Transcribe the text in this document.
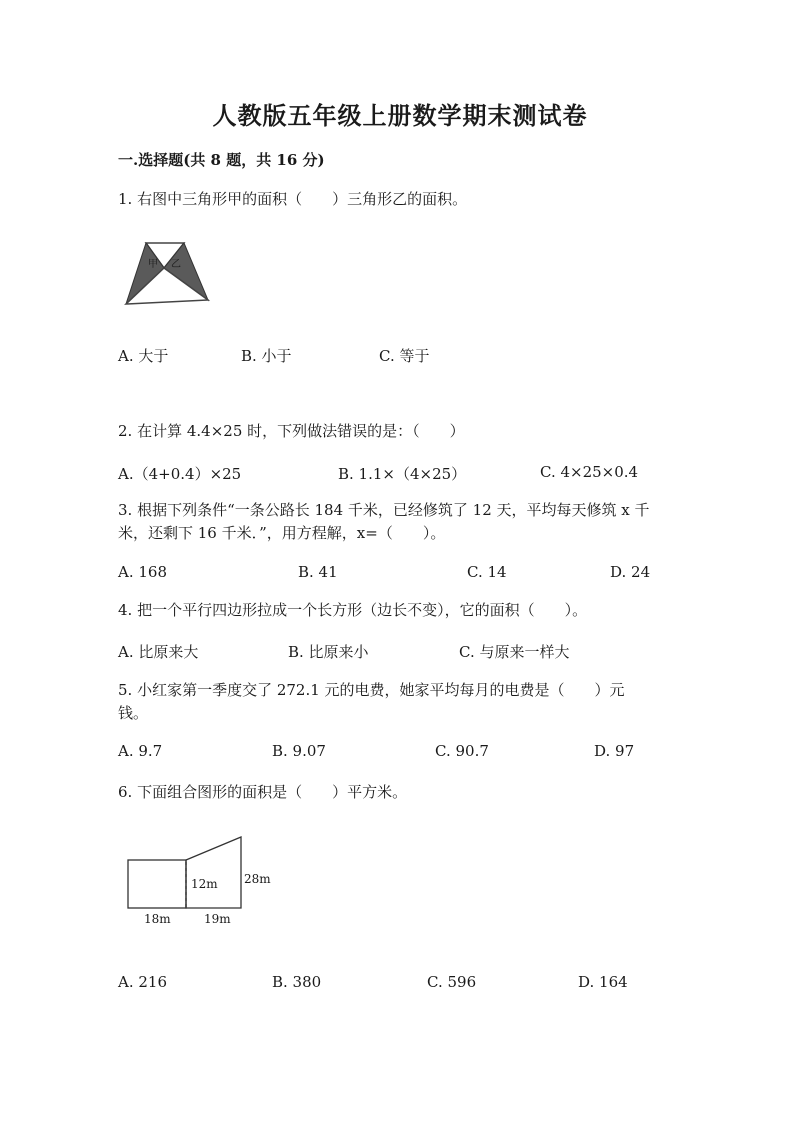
人教版五年级上册数学期末测试卷
一.选择题(共 8 题，共 16 分)
1. 右图中三角形甲的面积（　　）三角形乙的面积。
甲 乙
A. 大于	B. 小于	C. 等于
2. 在计算 4.4×25 时，下列做法错误的是：（　　）
A.（4+0.4）×25	B. 1.1×（4×25）	C. 4×25×0.4
3. 根据下列条件“一条公路长 184 千米，已经修筑了 12 天，平均每天修筑 x 千
米，还剩下 16 千米．”，用方程解，x=（　　）。
A. 168	B. 41	C. 14	D. 24
4. 把一个平行四边形拉成一个长方形（边长不变），它的面积（　　）。
A. 比原来大	B. 比原来小	C. 与原来一样大
5. 小红家第一季度交了 272.1 元的电费，她家平均每月的电费是（　　）元
钱。
A. 9.7	B. 9.07	C. 90.7	D. 97
6. 下面组合图形的面积是（　　）平方米。
12m 28m
18m	19m
A. 216	B. 380	C. 596	D. 164
